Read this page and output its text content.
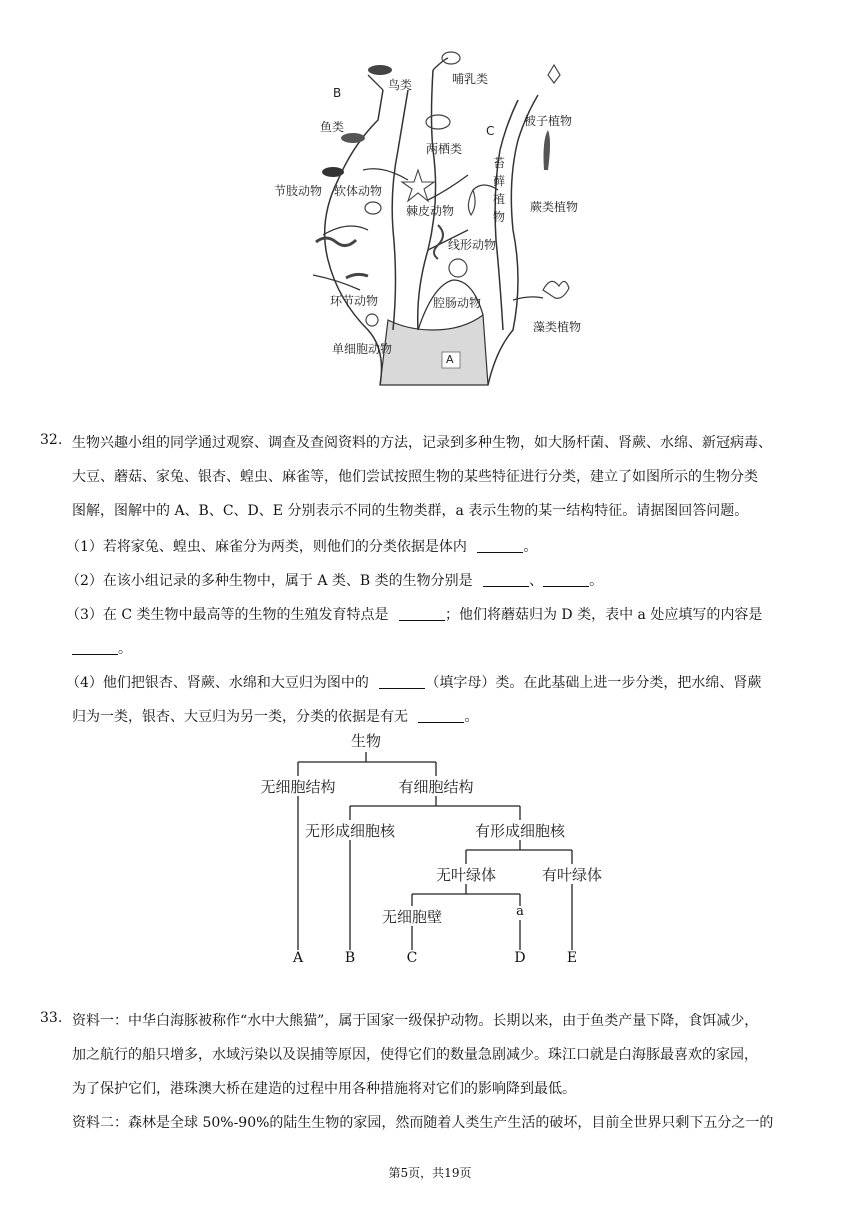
鸟类	哺乳类
B
鱼类
两栖类
C
被子植物
苔
藓
植
物
蕨类植物
节肢动物 软体动物
棘皮动物
线形动物
环节动物	腔肠动物
藻类植物
单细胞动物
A
32. 生物兴趣小组的同学通过观察、调查及查阅资料的方法，记录到多种生物，如大肠杆菌、肾蕨、水绵、新冠病毒、
大豆、蘑菇、家兔、银杏、蝗虫、麻雀等，他们尝试按照生物的某些特征进行分类，建立了如图所示的生物分类
图解，图解中的 A、B、C、D、E 分别表示不同的生物类群，a 表示生物的某一结构特征。请据图回答问题。
（1）若将家兔、蝗虫、麻雀分为两类，则他们的分类依据是体内	。
（2）在该小组记录的多种生物中，属于 A 类、B 类的生物分别是	、	。
（3）在 C 类生物中最高等的生物的生殖发育特点是	；他们将蘑菇归为 D 类，表中 a 处应填写的内容是
。
（4）他们把银杏、肾蕨、水绵和大豆归为图中的	（填字母）类。在此基础上进一步分类，把水绵、肾蕨
归为一类，银杏、大豆归为另一类，分类的依据是有无	。
生物
无细胞结构	有细胞结构
无形成细胞核	有形成细胞核
无叶绿体	有叶绿体
无细胞壁	a
A	B	C	D	E
33. 资料一：中华白海豚被称作“水中大熊猫”，属于国家一级保护动物。长期以来，由于鱼类产量下降，食饵减少，
加之航行的船只增多，水域污染以及误捕等原因，使得它们的数量急剧减少。珠江口就是白海豚最喜欢的家园，
为了保护它们，港珠澳大桥在建造的过程中用各种措施将对它们的影响降到最低。
资料二：森林是全球 50%-90%的陆生生物的家园，然而随着人类生产生活的破坏，目前全世界只剩下五分之一的
第5页，共19页
